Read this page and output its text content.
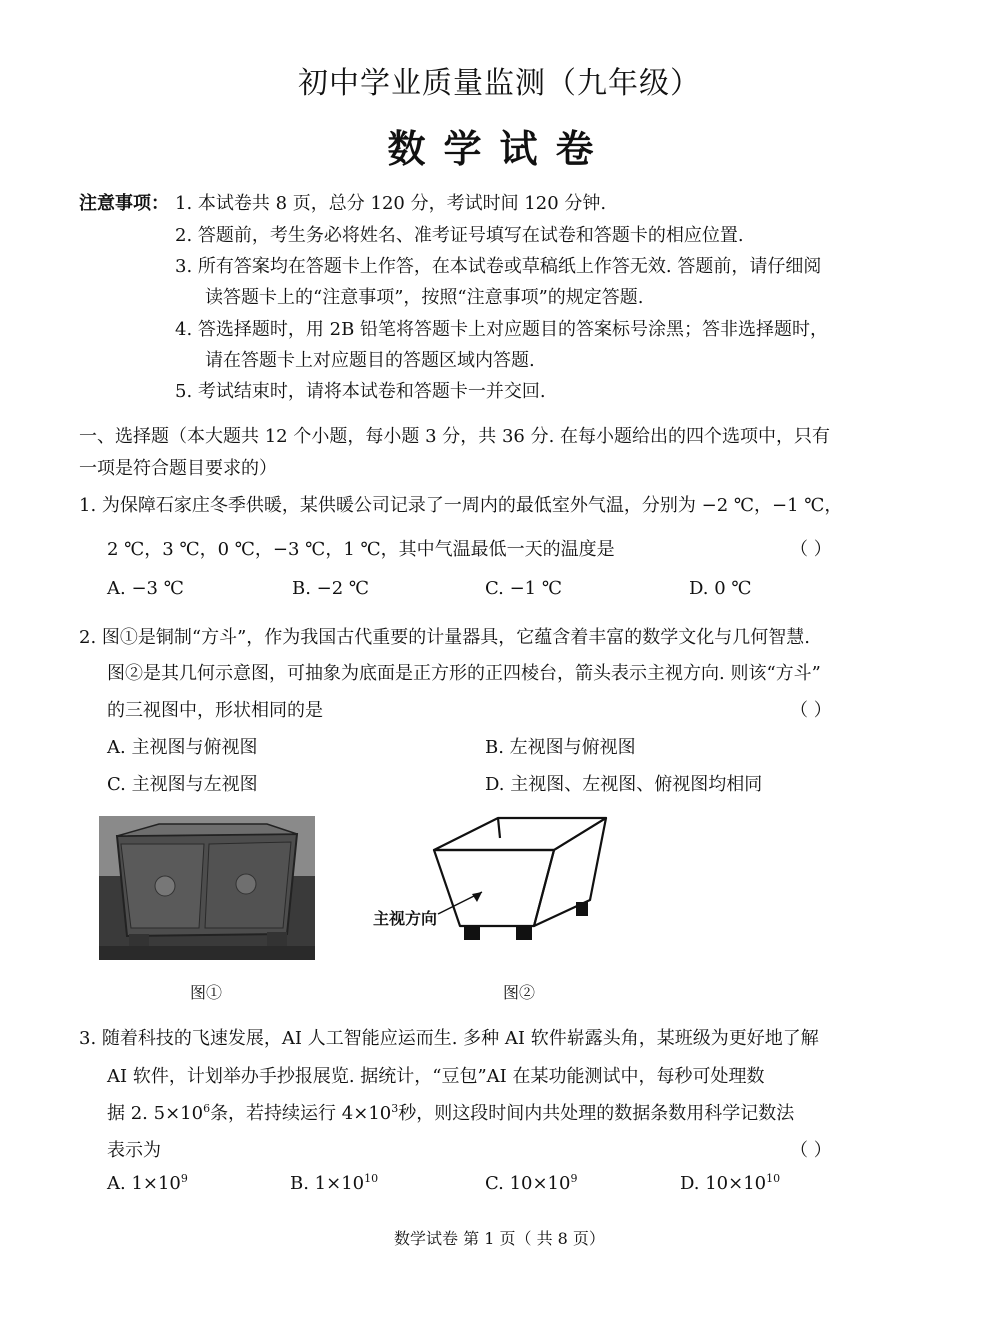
初中学业质量监测（九年级）
数学试卷
注意事项： 1. 本试卷共 8 页，总分 120 分，考试时间 120 分钟.
2. 答题前，考生务必将姓名、准考证号填写在试卷和答题卡的相应位置.
3. 所有答案均在答题卡上作答，在本试卷或草稿纸上作答无效. 答题前，请仔细阅
读答题卡上的“注意事项”，按照“注意事项”的规定答题.
4. 答选择题时，用 2B 铅笔将答题卡上对应题目的答案标号涂黑；答非选择题时，
请在答题卡上对应题目的答题区域内答题.
5. 考试结束时，请将本试卷和答题卡一并交回.
一、选择题（本大题共 12 个小题，每小题 3 分，共 36 分. 在每小题给出的四个选项中，只有
一项是符合题目要求的）
1. 为保障石家庄冬季供暖，某供暖公司记录了一周内的最低室外气温，分别为 −2 ℃，−1 ℃，
2 ℃，3 ℃，0 ℃，−3 ℃，1 ℃，其中气温最低一天的温度是	（ ）
A. −3 ℃	B. −2 ℃	C. −1 ℃	D. 0 ℃
2. 图①是铜制“方斗”，作为我国古代重要的计量器具，它蕴含着丰富的数学文化与几何智慧.
图②是其几何示意图，可抽象为底面是正方形的正四棱台，箭头表示主视方向. 则该“方斗”
的三视图中，形状相同的是	（ ）
A. 主视图与俯视图	B. 左视图与俯视图
C. 主视图与左视图	D. 主视图、左视图、俯视图均相同
图①
主视方向
图②
3. 随着科技的飞速发展，AI 人工智能应运而生. 多种 AI 软件崭露头角，某班级为更好地了解
AI 软件，计划举办手抄报展览. 据统计，“豆包”AI 在某功能测试中，每秒可处理数
据 2. $5\times 10^6$条，若持续运行 $4\times 10^3$秒，则这段时间内共处理的数据条数用科学记数法
表示为	（ ）
A. $1\times 10^9$	B. $1\times 10^{10}$	C. $10\times 10^9$	D. $10\times 10^{10}$
数学试卷 第 1 页（ 共 8 页）
